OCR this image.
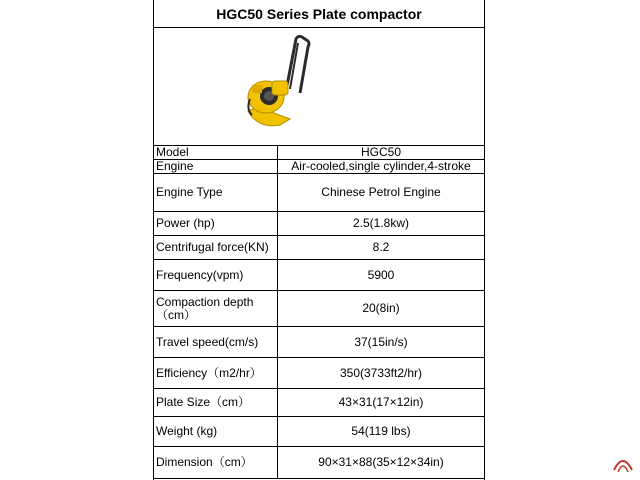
HGC50 Series Plate compactor
Model	HGC50
Engine	Air-cooled,single cylinder,4-stroke
Engine Type	Chinese Petrol Engine
Power (hp)	2.5(1.8kw)
Centrifugal force(KN)	8.2
Frequency(vpm)	5900
Compaction depth
（cm）	20(8in)
Travel speed(cm/s)	37(15in/s)
Efficiency（m2/hr）	350(3733ft2/hr)
Plate Size（cm）	43×31(17×12in)
Weight (kg)	54(119 lbs)
Dimension（cm）	90×31×88(35×12×34in)
